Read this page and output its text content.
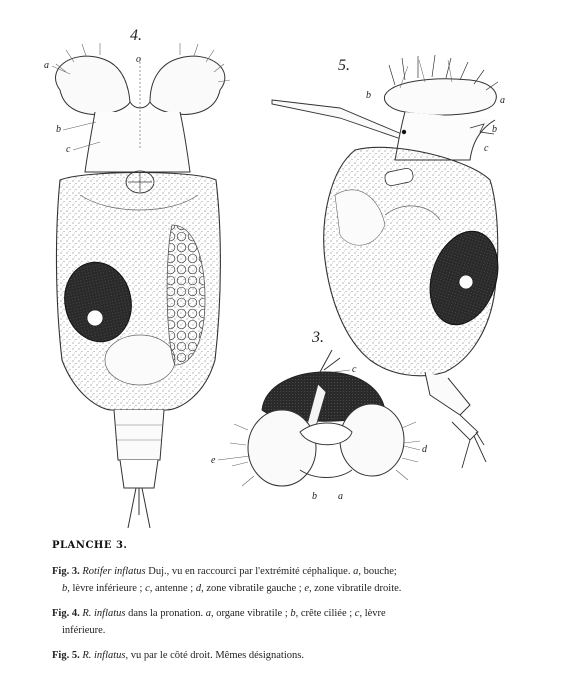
4.
a
o
b
c
5.
b	a
b
c
3.
c
d
e
b a

PLANCHE 3.

Fig. 3. Rotifer inflatus Duj., vu en raccourci par l'extrémité céphalique. a, bouche;

b, lèvre inférieure ; c, antenne ; d, zone vibratile gauche ; e, zone vibratile droite.

Fig. 4. R. inflatus dans la pronation. a, organe vibratile ; b, crête ciliée ; c, lèvre

inférieure.

Fig. 5. R. inflatus, vu par le côté droit. Mêmes désignations.
